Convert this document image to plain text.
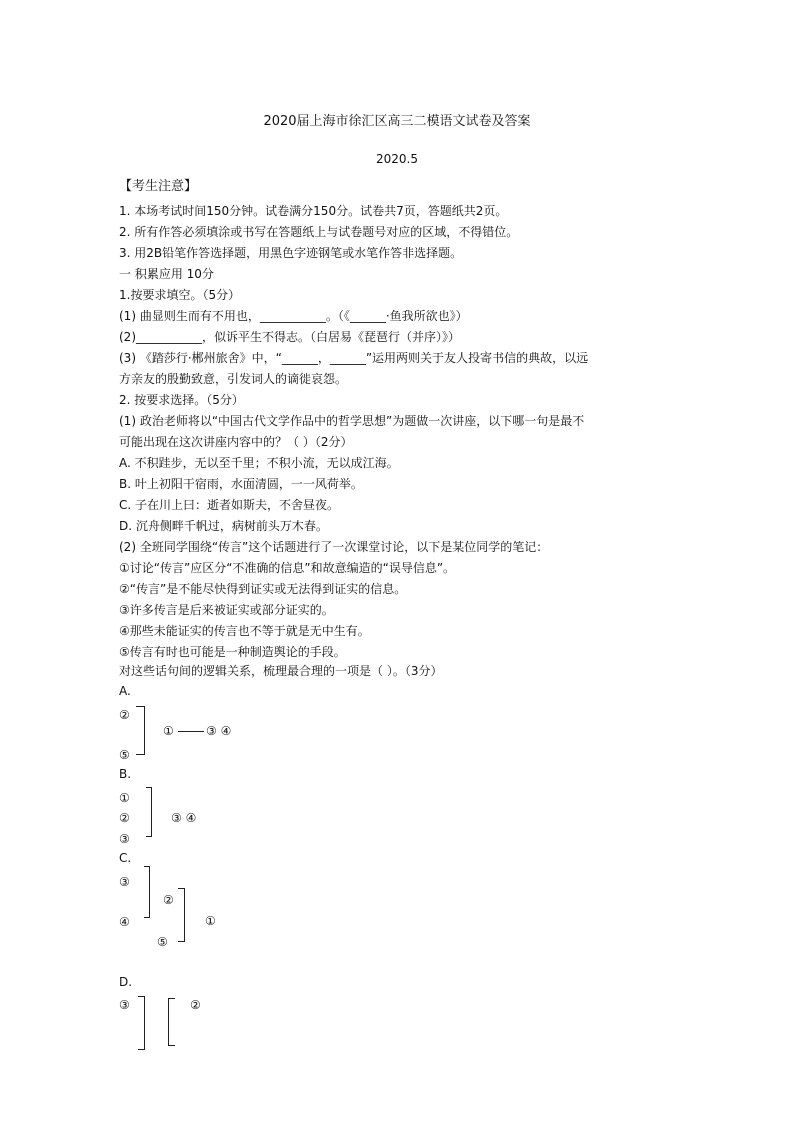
2020届上海市徐汇区高三二模语文试卷及答案
2020.5
【考生注意】
1. 本场考试时间150分钟。试卷满分150分。试卷共7页，答题纸共2页。
2. 所有作答必须填涂或书写在答题纸上与试卷题号对应的区域，不得错位。
3. 用2B铅笔作答选择题，用黑色字迹钢笔或水笔作答非选择题。
一 积累应用 10分
1.按要求填空。（5分）
(1) 曲显则生而有不用也，___________。（《______·鱼我所欲也》）
(2)___________，似诉平生不得志。（白居易《琵琶行（并序）》）
(3) 《踏莎行·郴州旅舍》中，“______，______”运用两则关于友人投寄书信的典故，以远
方亲友的殷勤致意，引发词人的谪徙哀怨。
2. 按要求选择。（5分）
(1) 政治老师将以“中国古代文学作品中的哲学思想”为题做一次讲座，以下哪一句是最不
可能出现在这次讲座内容中的？（ ）（2分）
A. 不积跬步，无以至千里；不积小流，无以成江海。
B. 叶上初阳干宿雨，水面清圆，一一风荷举。
C. 子在川上曰：逝者如斯夫，不舍昼夜。
D. 沉舟侧畔千帆过，病树前头万木春。
(2) 全班同学围绕“传言”这个话题进行了一次课堂讨论，以下是某位同学的笔记：
①讨论“传言”应区分“不准确的信息”和故意编造的“误导信息”。
②“传言”是不能尽快得到证实或无法得到证实的信息。
③许多传言是后来被证实或部分证实的。
④那些未能证实的传言也不等于就是无中生有。
⑤传言有时也可能是一种制造舆论的手段。
对这些话句间的逻辑关系，梳理最合理的一项是（ ）。（3分）
A.
②
⑤
①	③ ④
B.
①
②
③
③ ④
C.
③
④
②
⑤
①
D.
③	②
